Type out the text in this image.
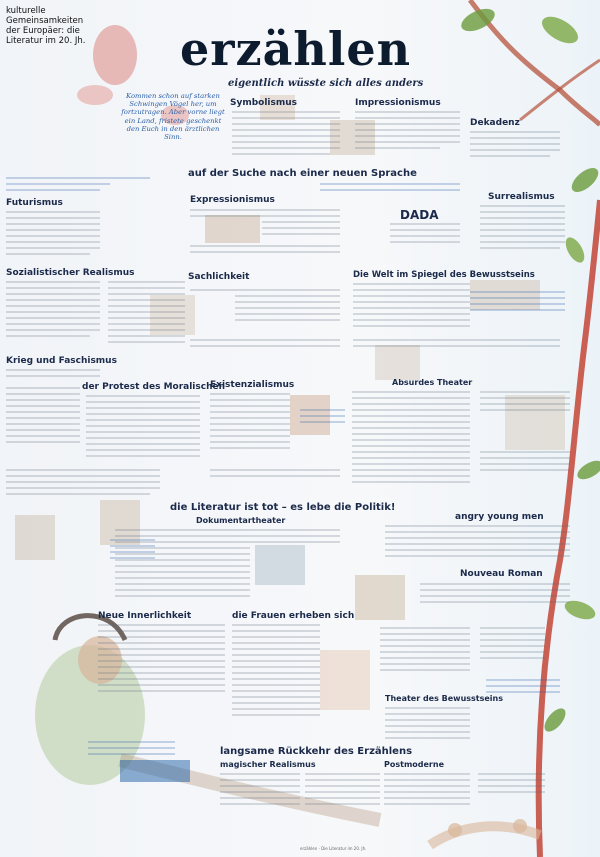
kulturelle Gemeinsamkeiten der Europäer: die Literatur im 20. Jh. erzählen
eigentlich wüsste sich alles anders
Kommen schon auf starken Schwingen Vögel her, um fortzutragen. Aber vorne liegt ein Land, fristete geschenkt den Euch in den ärztlichen Sinn.
Symbolismus	Impressionismus
Dekadenz
auf der Suche nach einer neuen Sprache
Futurismus	Expressionismus
DADA
Surrealismus
Sozialistischer Realismus	Sachlichkeit	Die Welt im Spiegel des Bewusstseins
Krieg und Faschismus
der Protest des Moralischen
Existenzialismus	Absurdes Theater
die Literatur ist tot – es lebe die Politik!
Dokumentartheater	angry young men
Neue Innerlichkeit	die Frauen erheben sich
Nouveau Roman
langsame Rückkehr des Erzählens
magischer Realismus	Postmoderne
Theater des Bewusstseins
erzählen · Die Literatur im 20. Jh.
